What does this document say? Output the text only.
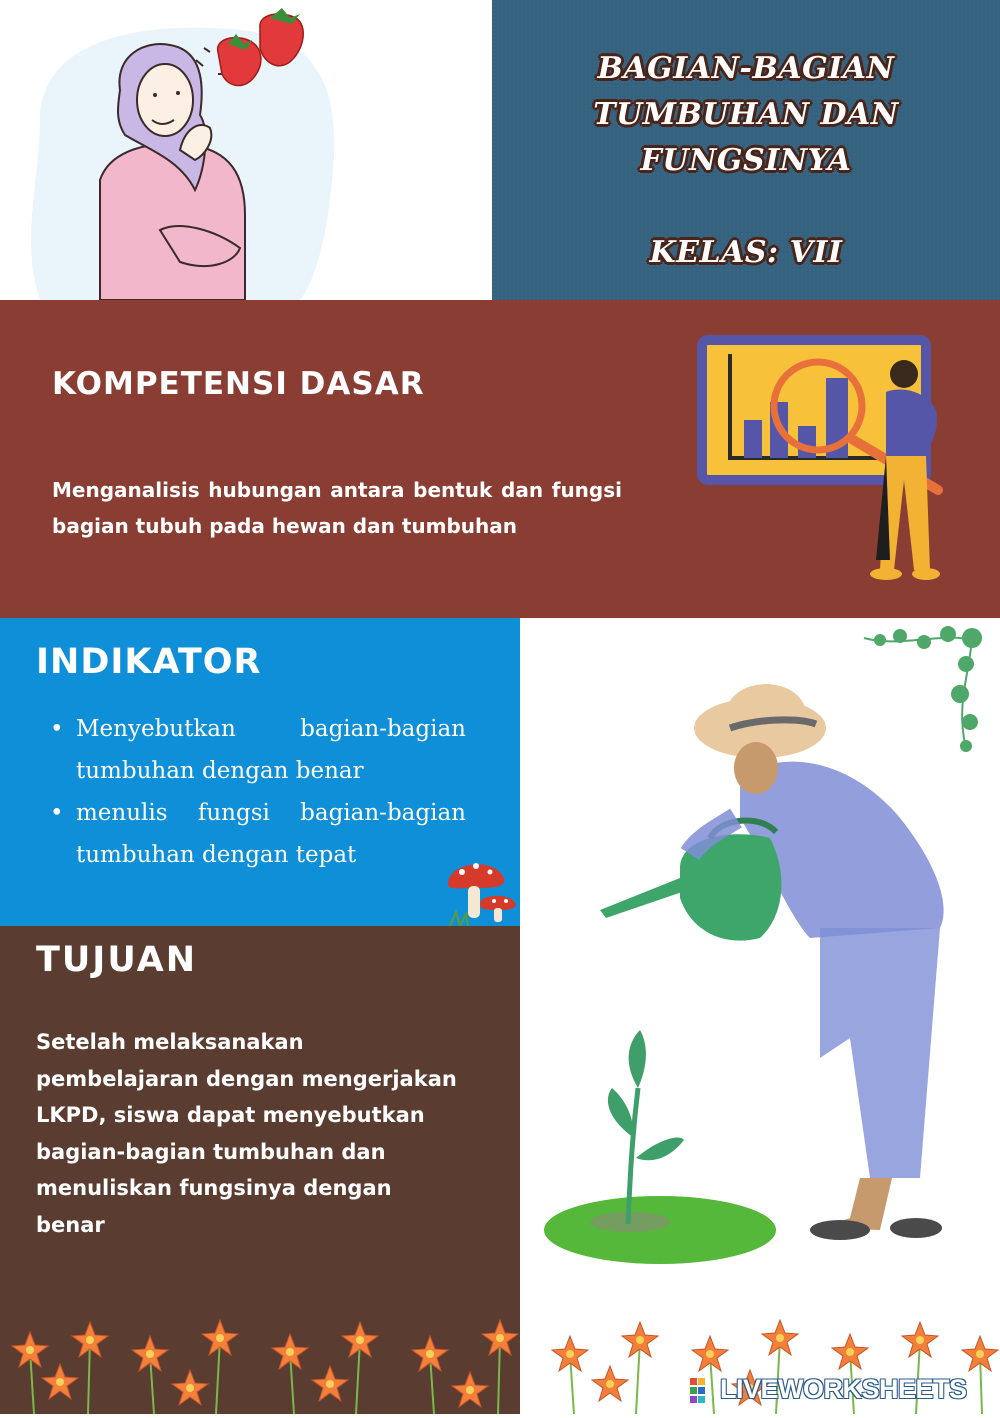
BAGIAN-BAGIAN
TUMBUHAN DAN
FUNGSINYA
KELAS: VII
KOMPETENSI DASAR
Menganalisis hubungan antara bentuk dan fungsi bagian tubuh pada hewan dan tumbuhan
INDIKATOR
• Menyebutkan bagian-bagian tumbuhan dengan benar
• menulis fungsi bagian-bagian tumbuhan dengan tepat
TUJUAN
Setelah melaksanakan pembelajaran dengan mengerjakan LKPD, siswa dapat menyebutkan bagian-bagian tumbuhan dan menuliskan fungsinya dengan benar
LIVEWORKSHEETS
